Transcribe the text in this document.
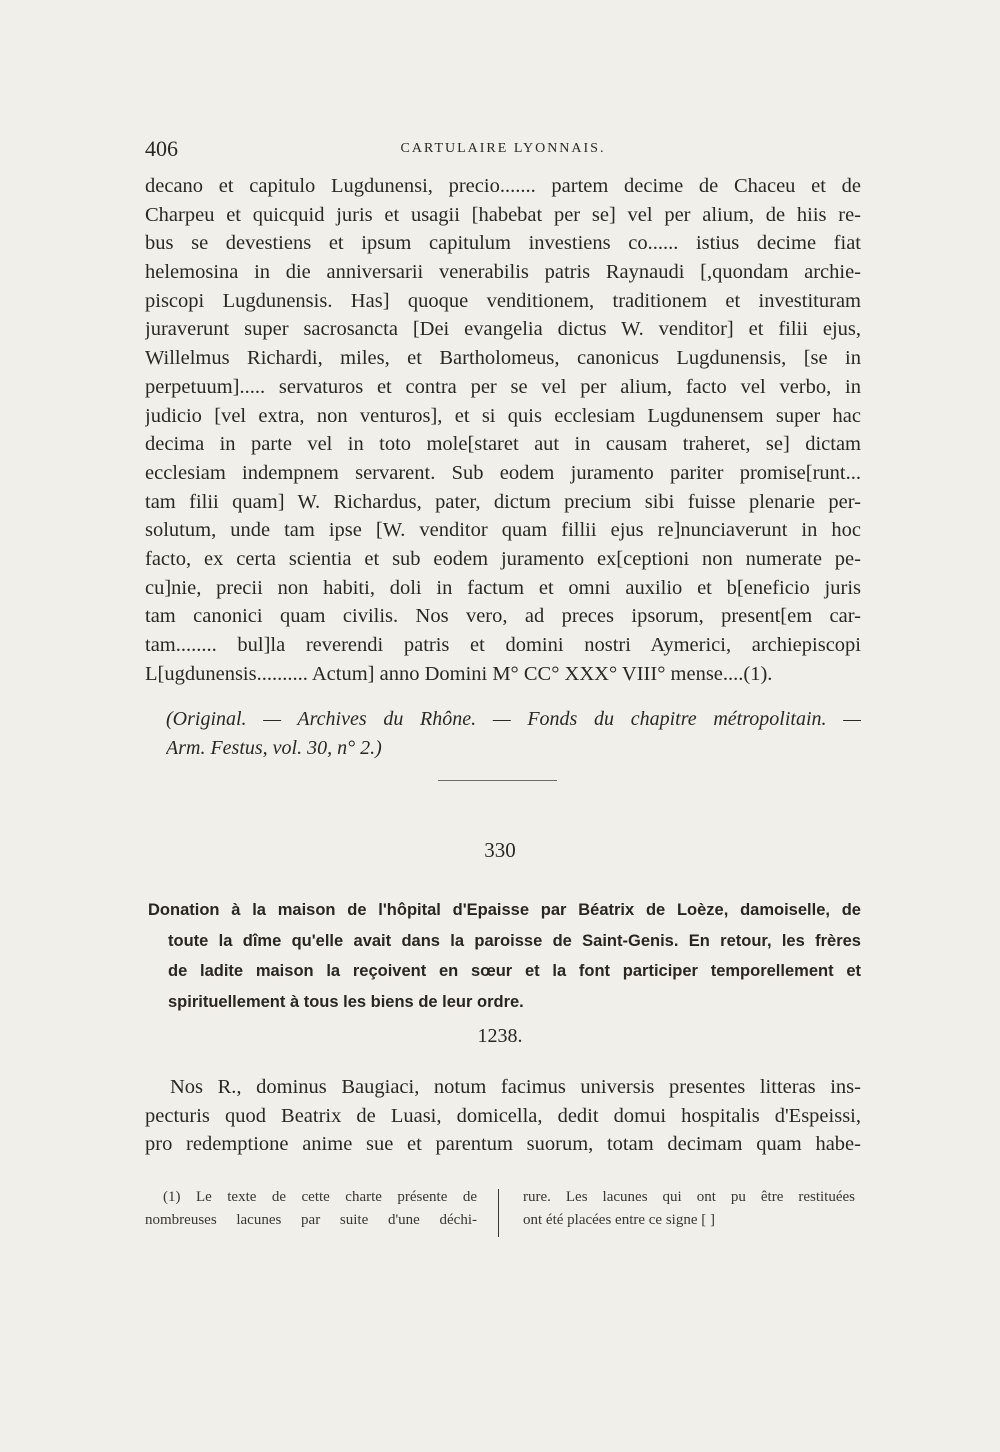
406	CARTULAIRE LYONNAIS.
decano et capitulo Lugdunensi, precio....... partem decime de Chaceu et de
Charpeu et quicquid juris et usagii [habebat per se] vel per alium, de hiis re-
bus se devestiens et ipsum capitulum investiens co...... istius decime fiat
helemosina in die anniversarii venerabilis patris Raynaudi [,quondam archie-
piscopi Lugdunensis. Has] quoque venditionem, traditionem et investituram
juraverunt super sacrosancta [Dei evangelia dictus W. venditor] et filii ejus,
Willelmus Richardi, miles, et Bartholomeus, canonicus Lugdunensis, [se in
perpetuum]..... servaturos et contra per se vel per alium, facto vel verbo, in
judicio [vel extra, non venturos], et si quis ecclesiam Lugdunensem super hac
decima in parte vel in toto mole[staret aut in causam traheret, se] dictam
ecclesiam indempnem servarent. Sub eodem juramento pariter promise[runt...
tam filii quam] W. Richardus, pater, dictum precium sibi fuisse plenarie per-
solutum, unde tam ipse [W. venditor quam fillii ejus re]nunciaverunt in hoc
facto, ex certa scientia et sub eodem juramento ex[ceptioni non numerate pe-
cu]nie, precii non habiti, doli in factum et omni auxilio et b[eneficio juris
tam canonici quam civilis. Nos vero, ad preces ipsorum, present[em car-
tam........ bul]la reverendi patris et domini nostri Aymerici, archiepiscopi
L[ugdunensis.......... Actum] anno Domini M° CC° XXX° VIII° mense....(1).
(Original. — Archives du Rhône. — Fonds du chapitre métropolitain. —
Arm. Festus, vol. 30, n° 2.)
330
Donation à la maison de l'hôpital d'Epaisse par Béatrix de Loèze, damoiselle, de
toute la dîme qu'elle avait dans la paroisse de Saint-Genis. En retour, les frères
de ladite maison la reçoivent en sœur et la font participer temporellement et
spirituellement à tous les biens de leur ordre.
1238.
Nos R., dominus Baugiaci, notum facimus universis presentes litteras ins-
pecturis quod Beatrix de Luasi, domicella, dedit domui hospitalis d'Espeissi,
pro redemptione anime sue et parentum suorum, totam decimam quam habe-
(1) Le texte de cette charte présente de
nombreuses lacunes par suite d'une déchi-
rure. Les lacunes qui ont pu être restituées
ont été placées entre ce signe [ ]
